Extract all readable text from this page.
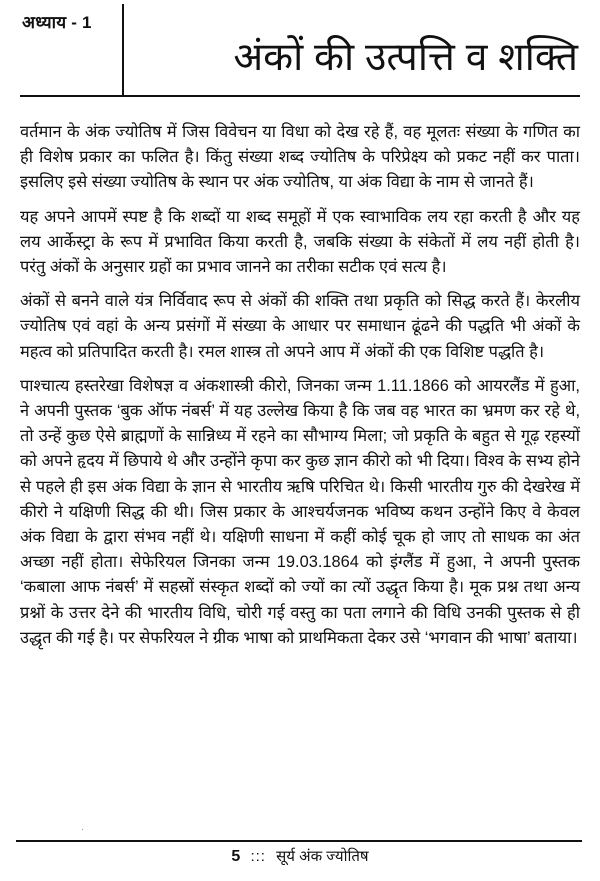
अध्याय - 1
अंकों की उत्पत्ति व शक्ति

वर्तमान के अंक ज्योतिष में जिस विवेचन या विधा को देख रहे हैं, वह मूलतः संख्या के गणित का ही विशेष प्रकार का फलित है। किंतु संख्या शब्द ज्योतिष के परिप्रेक्ष्य को प्रकट नहीं कर पाता। इसलिए इसे संख्या ज्योतिष के स्थान पर अंक ज्योतिष, या अंक विद्या के नाम से जानते हैं।

यह अपने आपमें स्पष्ट है कि शब्दों या शब्द समूहों में एक स्वाभाविक लय रहा करती है और यह लय आर्केस्ट्रा के रूप में प्रभावित किया करती है, जबकि संख्या के संकेतों में लय नहीं होती है। परंतु अंकों के अनुसार ग्रहों का प्रभाव जानने का तरीका सटीक एवं सत्य है।

अंकों से बनने वाले यंत्र निर्विवाद रूप से अंकों की शक्ति तथा प्रकृति को सिद्ध करते हैं। केरलीय ज्योतिष एवं वहां के अन्य प्रसंगों में संख्या के आधार पर समाधान ढूंढने की पद्धति भी अंकों के महत्व को प्रतिपादित करती है। रमल शास्त्र तो अपने आप में अंकों की एक विशिष्ट पद्धति है।

पाश्चात्य हस्तरेखा विशेषज्ञ व अंकशास्त्री कीरो, जिनका जन्म 1.11.1866 को आयरलैंड में हुआ, ने अपनी पुस्तक ‘बुक ऑफ नंबर्स’ में यह उल्लेख किया है कि जब वह भारत का भ्रमण कर रहे थे, तो उन्हें कुछ ऐसे ब्राह्मणों के सान्निध्य में रहने का सौभाग्य मिला; जो प्रकृति के बहुत से गूढ़ रहस्यों को अपने हृदय में छिपाये थे और उन्होंने कृपा कर कुछ ज्ञान कीरो को भी दिया। विश्व के सभ्य होने से पहले ही इस अंक विद्या के ज्ञान से भारतीय ऋषि परिचित थे। किसी भारतीय गुरु की देखरेख में कीरो ने यक्षिणी सिद्ध की थी। जिस प्रकार के आश्चर्यजनक भविष्य कथन उन्होंने किए वे केवल अंक विद्या के द्वारा संभव नहीं थे। यक्षिणी साधना में कहीं कोई चूक हो जाए तो साधक का अंत अच्छा नहीं होता। सेफेरियल जिनका जन्म 19.03.1864 को इंग्लैंड में हुआ, ने अपनी पुस्तक ‘कबाला आफ नंबर्स’ में सहस्रों संस्कृत शब्दों को ज्यों का त्यों उद्धृत किया है। मूक प्रश्न तथा अन्य प्रश्नों के उत्तर देने की भारतीय विधि, चोरी गई वस्तु का पता लगाने की विधि उनकी पुस्तक से ही उद्धृत की गई है। पर सेफरियल ने ग्रीक भाषा को प्राथमिकता देकर उसे ‘भगवान की भाषा’ बताया।

5 ::: सूर्य अंक ज्योतिष
